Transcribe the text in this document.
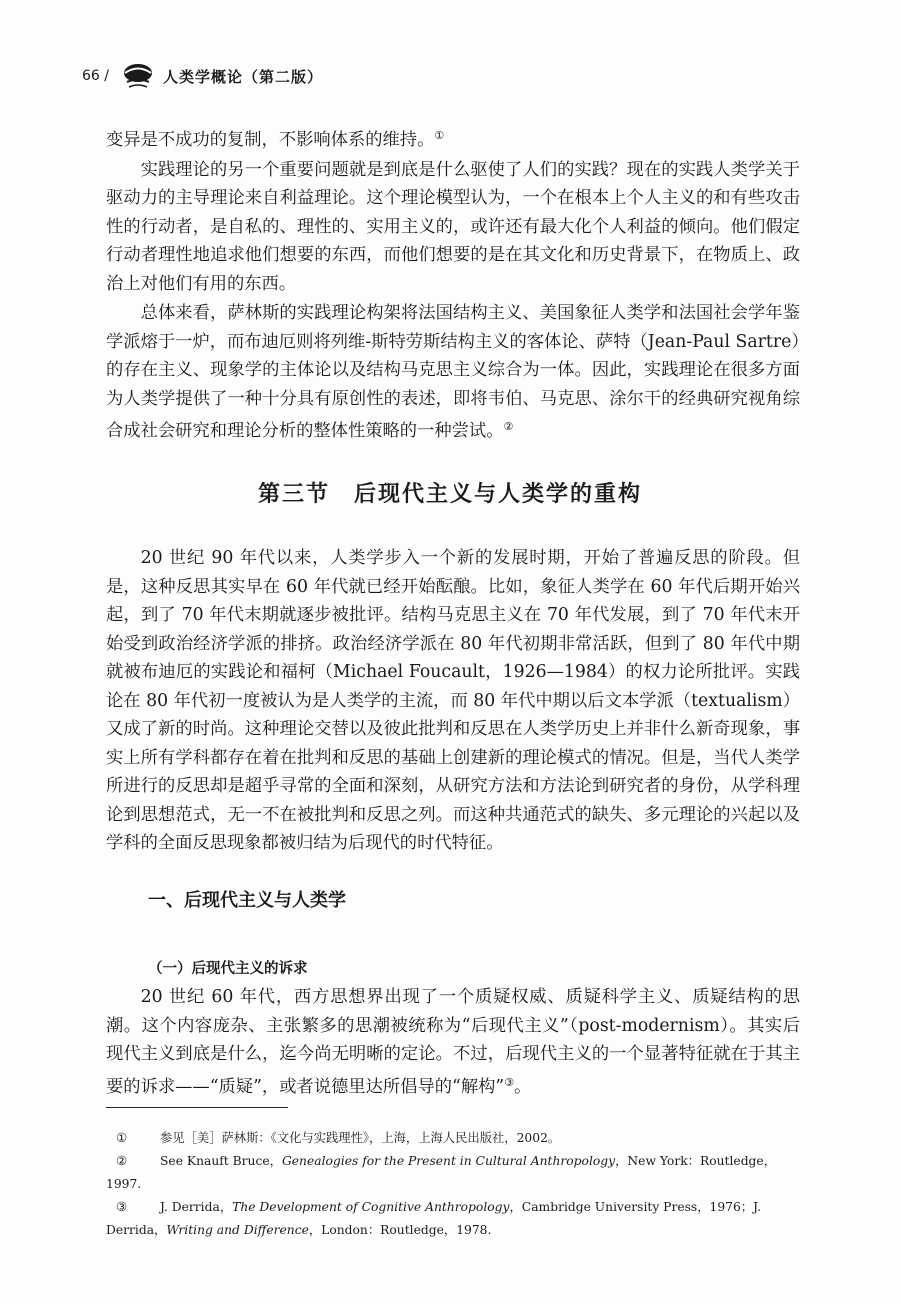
66 /	人类学概论（第二版）

变异是不成功的复制，不影响体系的维持。①

实践理论的另一个重要问题就是到底是什么驱使了人们的实践？现在的实践人类学关于驱动力的主导理论来自利益理论。这个理论模型认为，一个在根本上个人主义的和有些攻击性的行动者，是自私的、理性的、实用主义的，或许还有最大化个人利益的倾向。他们假定行动者理性地追求他们想要的东西，而他们想要的是在其文化和历史背景下，在物质上、政治上对他们有用的东西。

总体来看，萨林斯的实践理论构架将法国结构主义、美国象征人类学和法国社会学年鉴学派熔于一炉，而布迪厄则将列维-斯特劳斯结构主义的客体论、萨特（Jean-Paul Sartre）的存在主义、现象学的主体论以及结构马克思主义综合为一体。因此，实践理论在很多方面为人类学提供了一种十分具有原创性的表述，即将韦伯、马克思、涂尔干的经典研究视角综合成社会研究和理论分析的整体性策略的一种尝试。②

第三节　后现代主义与人类学的重构

20 世纪 90 年代以来，人类学步入一个新的发展时期，开始了普遍反思的阶段。但是，这种反思其实早在 60 年代就已经开始酝酿。比如，象征人类学在 60 年代后期开始兴起，到了 70 年代末期就逐步被批评。结构马克思主义在 70 年代发展，到了 70 年代末开始受到政治经济学派的排挤。政治经济学派在 80 年代初期非常活跃，但到了 80 年代中期就被布迪厄的实践论和福柯（Michael Foucault，1926—1984）的权力论所批评。实践论在 80 年代初一度被认为是人类学的主流，而 80 年代中期以后文本学派（textualism）又成了新的时尚。这种理论交替以及彼此批判和反思在人类学历史上并非什么新奇现象，事实上所有学科都存在着在批判和反思的基础上创建新的理论模式的情况。但是，当代人类学所进行的反思却是超乎寻常的全面和深刻，从研究方法和方法论到研究者的身份，从学科理论到思想范式，无一不在被批判和反思之列。而这种共通范式的缺失、多元理论的兴起以及学科的全面反思现象都被归结为后现代的时代特征。

一、后现代主义与人类学
（一）后现代主义的诉求

20 世纪 60 年代，西方思想界出现了一个质疑权威、质疑科学主义、质疑结构的思潮。这个内容庞杂、主张繁多的思潮被统称为“后现代主义”（post-modernism）。其实后现代主义到底是什么，迄今尚无明晰的定论。不过，后现代主义的一个显著特征就在于其主要的诉求——“质疑”，或者说德里达所倡导的“解构”③。

①	参见［美］萨林斯：《文化与实践理性》，上海，上海人民出版社，2002。

②	See Knauft Bruce，Genealogies for the Present in Cultural Anthropology，New York：Routledge，1997.

③	J. Derrida，The Development of Cognitive Anthropology，Cambridge University Press，1976；J. Derrida，Writing and Difference，London：Routledge，1978.
